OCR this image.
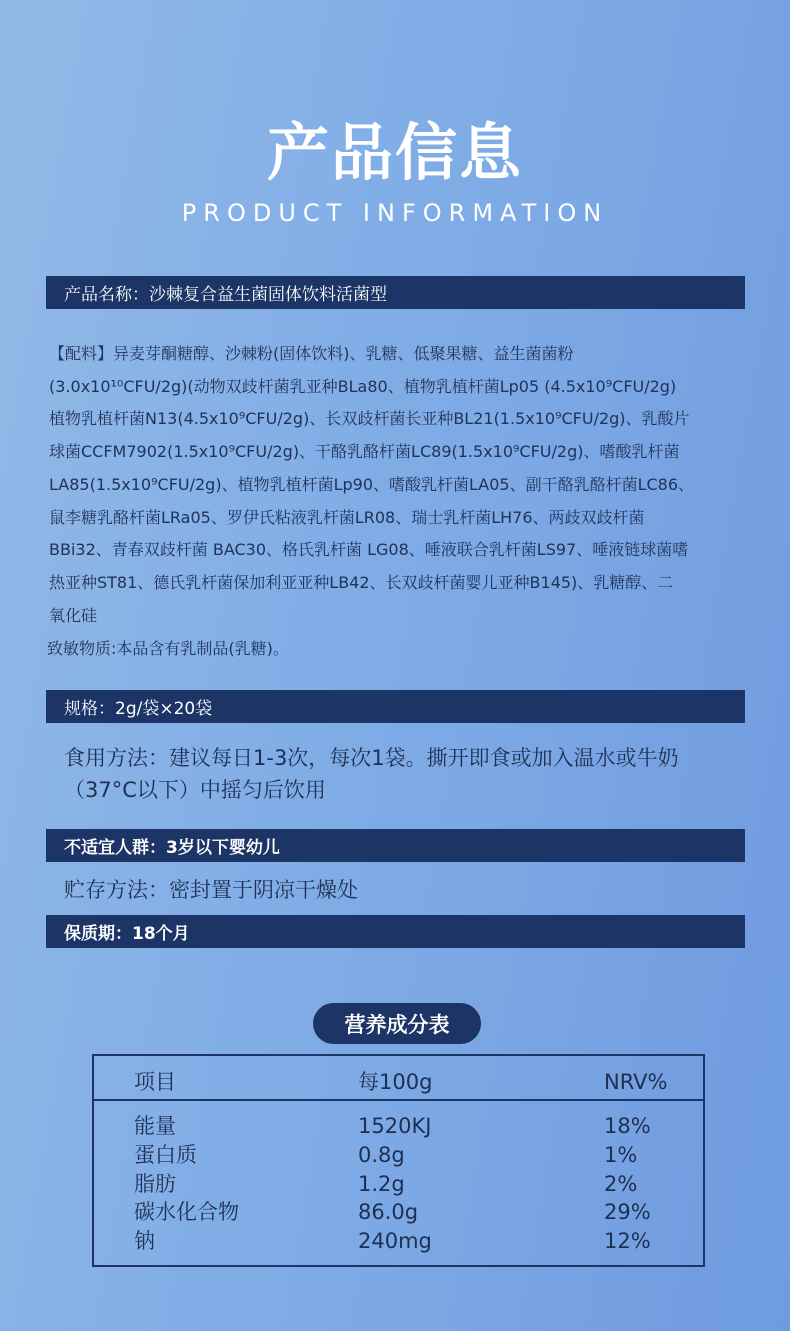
产品信息
PRODUCT INFORMATION
产品名称：沙棘复合益生菌固体饮料活菌型
【配料】异麦芽酮糖醇、沙棘粉(固体饮料)、乳糖、低聚果糖、益生菌菌粉
(3.0x10¹⁰CFU/2g)(动物双歧杆菌乳亚种BLa80、植物乳植杆菌Lp05 (4.5x10⁹CFU/2g)
植物乳植杆菌N13(4.5x10⁹CFU/2g)、长双歧杆菌长亚种BL21(1.5x10⁹CFU/2g)、乳酸片
球菌CCFM7902(1.5x10⁹CFU/2g)、干酪乳酪杆菌LC89(1.5x10⁹CFU/2g)、嗜酸乳杆菌
LA85(1.5x10⁹CFU/2g)、植物乳植杆菌Lp90、嗜酸乳杆菌LA05、副干酪乳酪杆菌LC86、
鼠李糖乳酪杆菌LRa05、罗伊氏粘液乳杆菌LR08、瑞士乳杆菌LH76、两歧双歧杆菌
BBi32、青春双歧杆菌 BAC30、格氏乳杆菌 LG08、唾液联合乳杆菌LS97、唾液链球菌嗜
热亚种ST81、德氏乳杆菌保加利亚亚种LB42、长双歧杆菌婴儿亚种B145)、乳糖醇、二
氧化硅
致敏物质:本品含有乳制品(乳糖)。
规格：2g/袋×20袋
食用方法：建议每日1-3次，每次1袋。撕开即食或加入温水或牛奶
（37°C以下）中摇匀后饮用
不适宜人群：3岁以下婴幼儿
贮存方法：密封置于阴凉干燥处
保质期：18个月
营养成分表
项目	每100g	NRV%
能量	1520KJ	18%
蛋白质	0.8g	1%
脂肪	1.2g	2%
碳水化合物	86.0g	29%
钠	240mg	12%
